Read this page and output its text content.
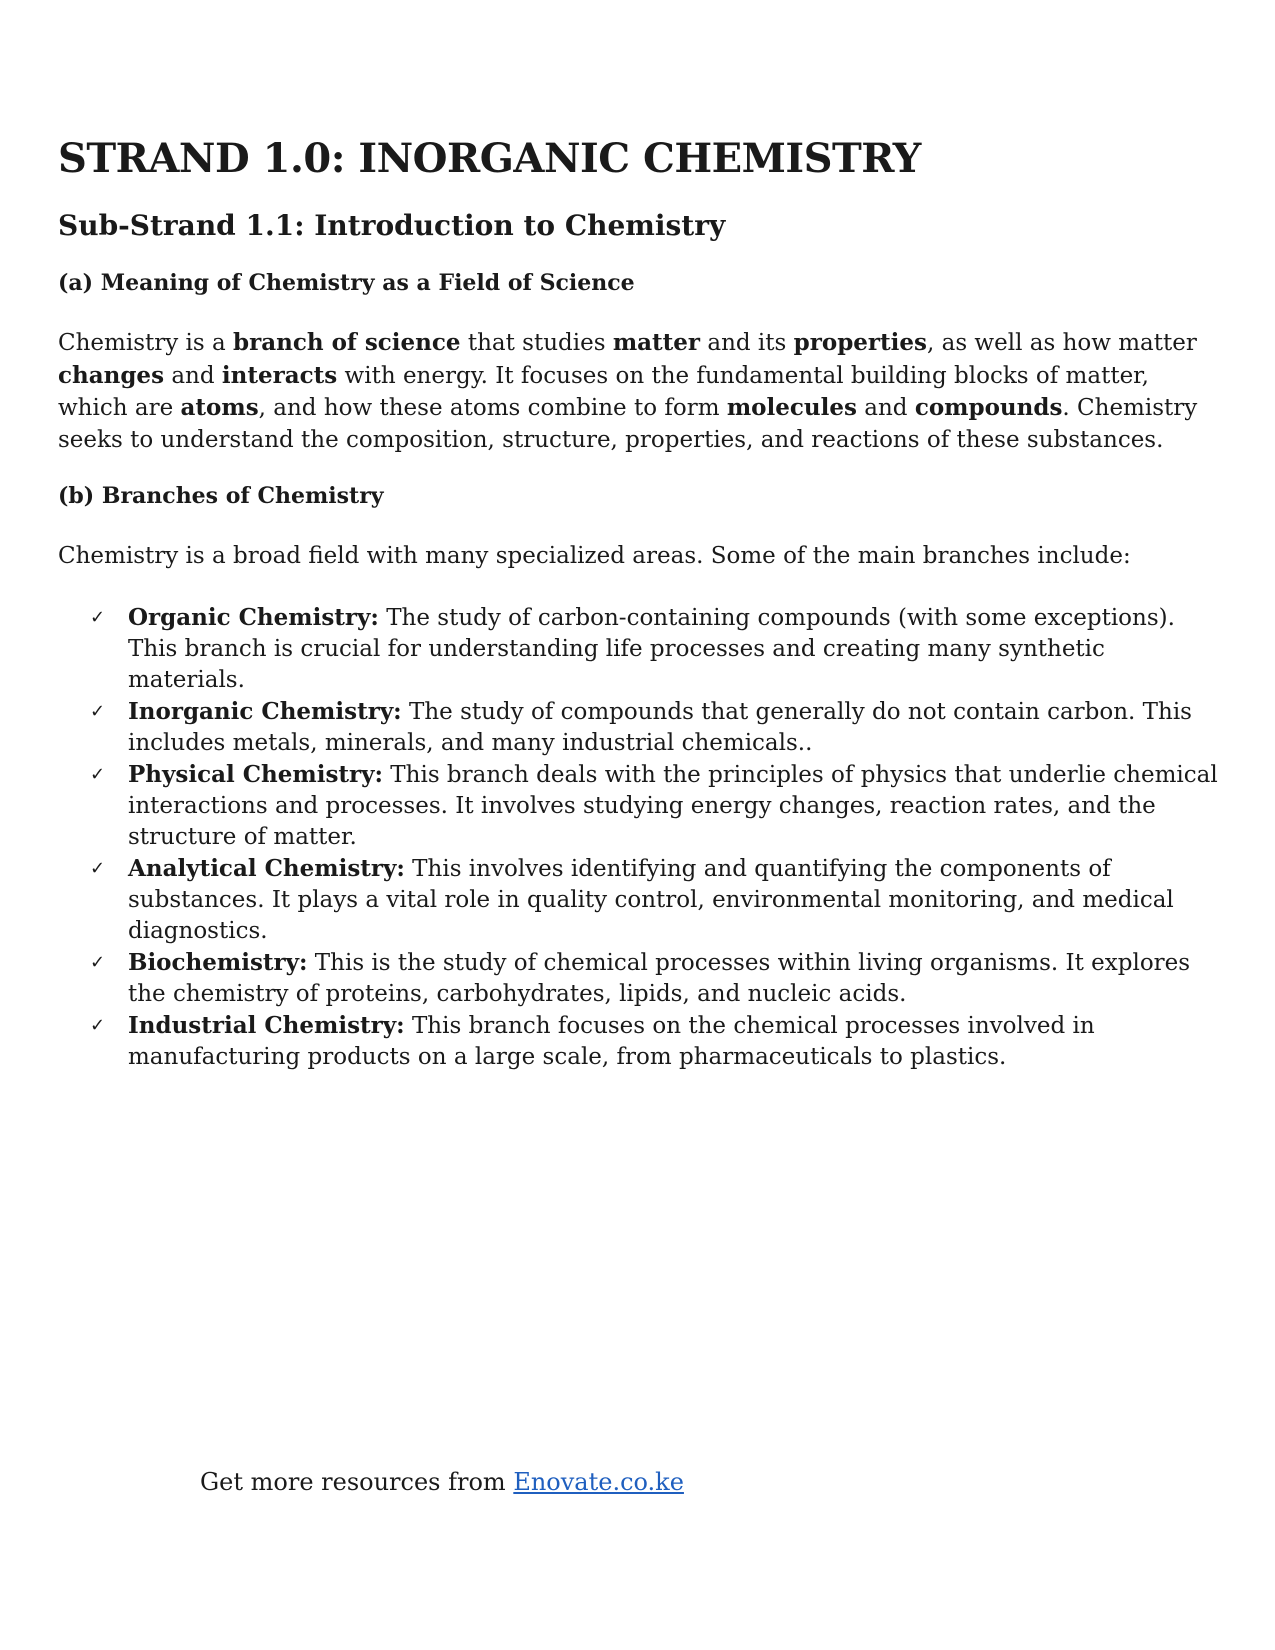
STRAND 1.0: INORGANIC CHEMISTRY
Sub-Strand 1.1: Introduction to Chemistry
(a) Meaning of Chemistry as a Field of Science

Chemistry is a branch of science that studies matter and its properties, as well as how matter changes and interacts with energy. It focuses on the fundamental building blocks of matter, which are atoms, and how these atoms combine to form molecules and compounds. Chemistry seeks to understand the composition, structure, properties, and reactions of these substances.

(b) Branches of Chemistry

Chemistry is a broad field with many specialized areas. Some of the main branches include:

✓ Organic Chemistry: The study of carbon-containing compounds (with some exceptions). This branch is crucial for understanding life processes and creating many synthetic materials.
✓ Inorganic Chemistry: The study of compounds that generally do not contain carbon. This includes metals, minerals, and many industrial chemicals..
✓ Physical Chemistry: This branch deals with the principles of physics that underlie chemical interactions and processes. It involves studying energy changes, reaction rates, and the structure of matter.
✓ Analytical Chemistry: This involves identifying and quantifying the components of substances. It plays a vital role in quality control, environmental monitoring, and medical diagnostics.
✓ Biochemistry: This is the study of chemical processes within living organisms. It explores the chemistry of proteins, carbohydrates, lipids, and nucleic acids.
✓ Industrial Chemistry: This branch focuses on the chemical processes involved in manufacturing products on a large scale, from pharmaceuticals to plastics.
Get more resources from Enovate.co.ke
